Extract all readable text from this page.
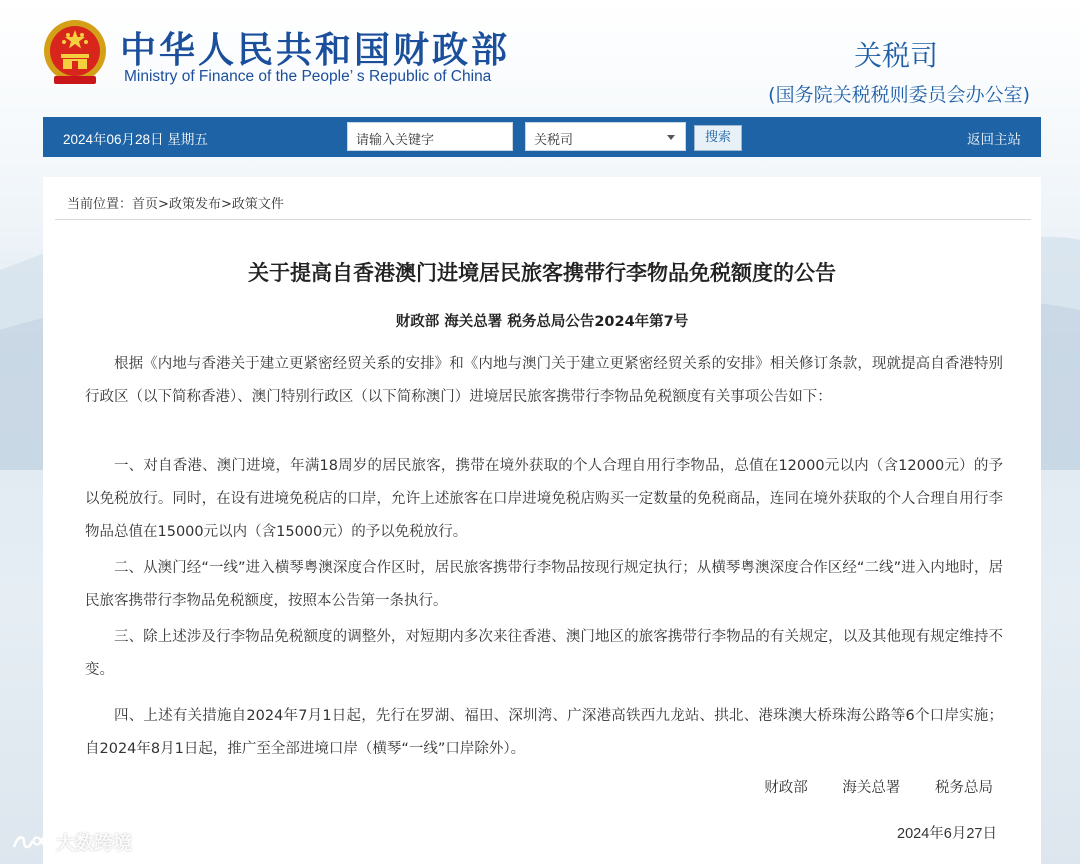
中华人民共和国财政部
Ministry of Finance of the People’ s Republic of China
关税司
(国务院关税税则委员会办公室)
2024年06月28日 星期五	请输入关键字	关税司	搜索	返回主站
当前位置：首页>政策发布>政策文件
关于提高自香港澳门进境居民旅客携带行李物品免税额度的公告
财政部 海关总署 税务总局公告2024年第7号

根据《内地与香港关于建立更紧密经贸关系的安排》和《内地与澳门关于建立更紧密经贸关系的安排》相关修订条款，现就提高自香港特别行政区（以下简称香港）、澳门特别行政区（以下简称澳门）进境居民旅客携带行李物品免税额度有关事项公告如下：

一、对自香港、澳门进境，年满18周岁的居民旅客，携带在境外获取的个人合理自用行李物品，总值在12000元以内（含12000元）的予以免税放行。同时，在设有进境免税店的口岸，允许上述旅客在口岸进境免税店购买一定数量的免税商品，连同在境外获取的个人合理自用行李物品总值在15000元以内（含15000元）的予以免税放行。

二、从澳门经“一线”进入横琴粤澳深度合作区时，居民旅客携带行李物品按现行规定执行；从横琴粤澳深度合作区经“二线”进入内地时，居民旅客携带行李物品免税额度，按照本公告第一条执行。

三、除上述涉及行李物品免税额度的调整外，对短期内多次来往香港、澳门地区的旅客携带行李物品的有关规定，以及其他现有规定维持不变。

四、上述有关措施自2024年7月1日起，先行在罗湖、福田、深圳湾、广深港高铁西九龙站、拱北、港珠澳大桥珠海公路等6个口岸实施；自2024年8月1日起，推广至全部进境口岸（横琴“一线”口岸除外）。

财政部 海关总署 税务总局
2024年6月27日
大数跨境
